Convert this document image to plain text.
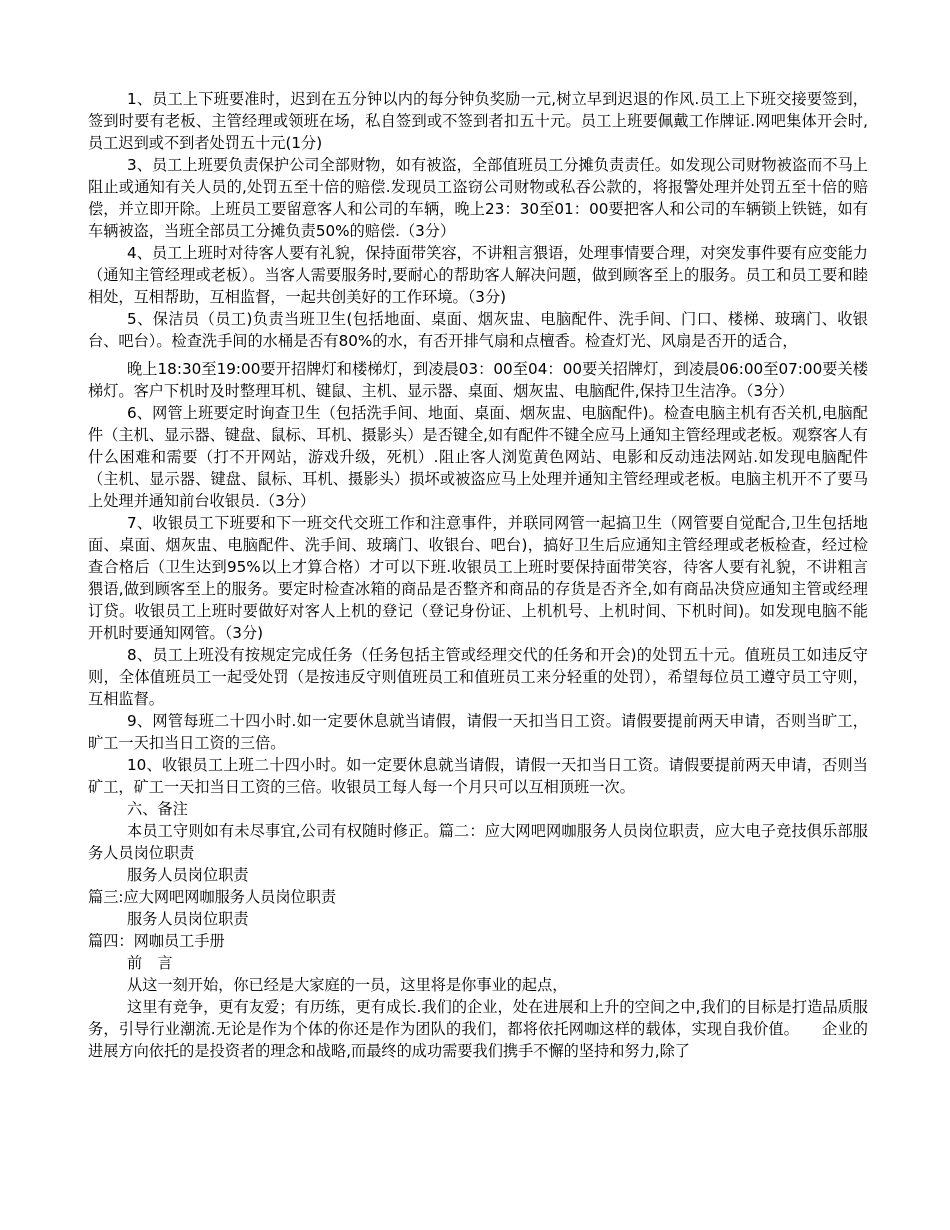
1、员工上下班要准时，迟到在五分钟以内的每分钟负奖励一元,树立早到迟退的作风.员工上下班交接要签到，签到时要有老板、主管经理或领班在场，私自签到或不签到者扣五十元。员工上班要佩戴工作牌证.网吧集体开会时,员工迟到或不到者处罚五十元(1分)

3、员工上班要负责保护公司全部财物，如有被盗，全部值班员工分摊负责责任。如发现公司财物被盗而不马上阻止或通知有关人员的,处罚五至十倍的赔偿.发现员工盗窃公司财物或私吞公款的，将报警处理并处罚五至十倍的赔偿，并立即开除。上班员工要留意客人和公司的车辆，晚上23：30至01：00要把客人和公司的车辆锁上铁链，如有车辆被盗，当班全部员工分摊负责50%的赔偿.（3分）

4、员工上班时对待客人要有礼貌，保持面带笑容，不讲粗言猥语，处理事情要合理，对突发事件要有应变能力（通知主管经理或老板）。当客人需要服务时,要耐心的帮助客人解决问题，做到顾客至上的服务。员工和员工要和睦相处，互相帮助，互相监督，一起共创美好的工作环境。（3分)

5、保洁员（员工)负责当班卫生(包括地面、桌面、烟灰盅、电脑配件、洗手间、门口、楼梯、玻璃门、收银台、吧台）。检查洗手间的水桶是否有80%的水，有否开排气扇和点檀香。检查灯光、风扇是否开的适合，

晚上18:30至19:00要开招牌灯和楼梯灯，到凌晨03：00至04：00要关招牌灯，到凌晨06:00至07:00要关楼梯灯。客户下机时及时整理耳机、键鼠、主机、显示器、桌面、烟灰盅、电脑配件,保持卫生洁净。（3分）

6、网管上班要定时询查卫生（包括洗手间、地面、桌面、烟灰盅、电脑配件)。检查电脑主机有否关机,电脑配件（主机、显示器、键盘、鼠标、耳机、摄影头）是否键全,如有配件不键全应马上通知主管经理或老板。观察客人有什么困难和需要（打不开网站，游戏升级，死机）.阻止客人浏览黄色网站、电影和反动违法网站.如发现电脑配件（主机、显示器、键盘、鼠标、耳机、摄影头）损坏或被盗应马上处理并通知主管经理或老板。电脑主机开不了要马上处理并通知前台收银员.（3分）

7、收银员工下班要和下一班交代交班工作和注意事件，并联同网管一起搞卫生（网管要自觉配合,卫生包括地面、桌面、烟灰盅、电脑配件、洗手间、玻璃门、收银台、吧台)，搞好卫生后应通知主管经理或老板检查，经过检查合格后（卫生达到95%以上才算合格）才可以下班.收银员工上班时要保持面带笑容，待客人要有礼貌，不讲粗言猥语,做到顾客至上的服务。要定时检查冰箱的商品是否整齐和商品的存货是否齐全,如有商品决贷应通知主管或经理订贷。收银员工上班时要做好对客人上机的登记（登记身份证、上机机号、上机时间、下机时间)。如发现电脑不能开机时要通知网管。（3分)

8、员工上班没有按规定完成任务（任务包括主管或经理交代的任务和开会)的处罚五十元。值班员工如违反守则，全体值班员工一起受处罚（是按违反守则值班员工和值班员工来分轻重的处罚），希望每位员工遵守员工守则，互相监督。

9、网管每班二十四小时.如一定要休息就当请假，请假一天扣当日工资。请假要提前两天申请，否则当旷工，旷工一天扣当日工资的三倍。

10、收银员工上班二十四小时。如一定要休息就当请假，请假一天扣当日工资。请假要提前两天申请，否则当矿工，矿工一天扣当日工资的三倍。收银员工每人每一个月只可以互相顶班一次。

六、备注

本员工守则如有未尽事宜,公司有权随时修正。篇二：应大网吧网咖服务人员岗位职责，应大电子竞技俱乐部服务人员岗位职责

服务人员岗位职责

篇三:应大网吧网咖服务人员岗位职责

服务人员岗位职责

篇四：网咖员工手册

前　言

从这一刻开始，你已经是大家庭的一员，这里将是你事业的起点，

这里有竞争，更有友爱；有历练，更有成长.我们的企业，处在进展和上升的空间之中,我们的目标是打造品质服务，引导行业潮流.无论是作为个体的你还是作为团队的我们，都将依托网咖这样的载体，实现自我价值。　　企业的进展方向依托的是投资者的理念和战略,而最终的成功需要我们携手不懈的坚持和努力,除了
